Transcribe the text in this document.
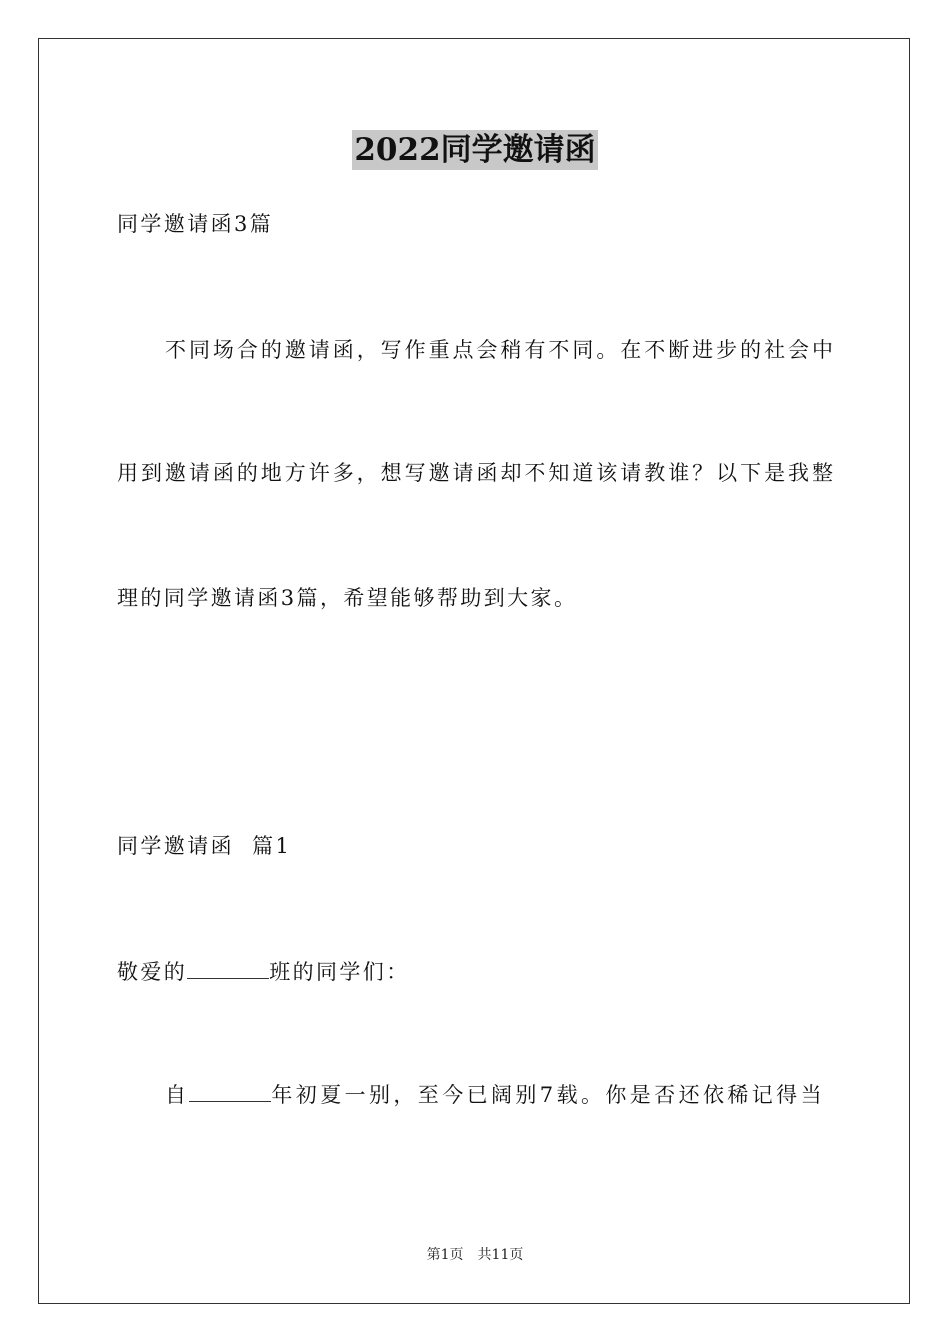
2022同学邀请函
同学邀请函3篇
不同场合的邀请函，写作重点会稍有不同。在不断进步的社会中
用到邀请函的地方许多，想写邀请函却不知道该请教谁？以下是我整
理的同学邀请函3篇，希望能够帮助到大家。
同学邀请函  篇1
敬爱的	班的同学们：
自	年初夏一别，至今已阔别7载。你是否还依稀记得当
第1页 共11页
